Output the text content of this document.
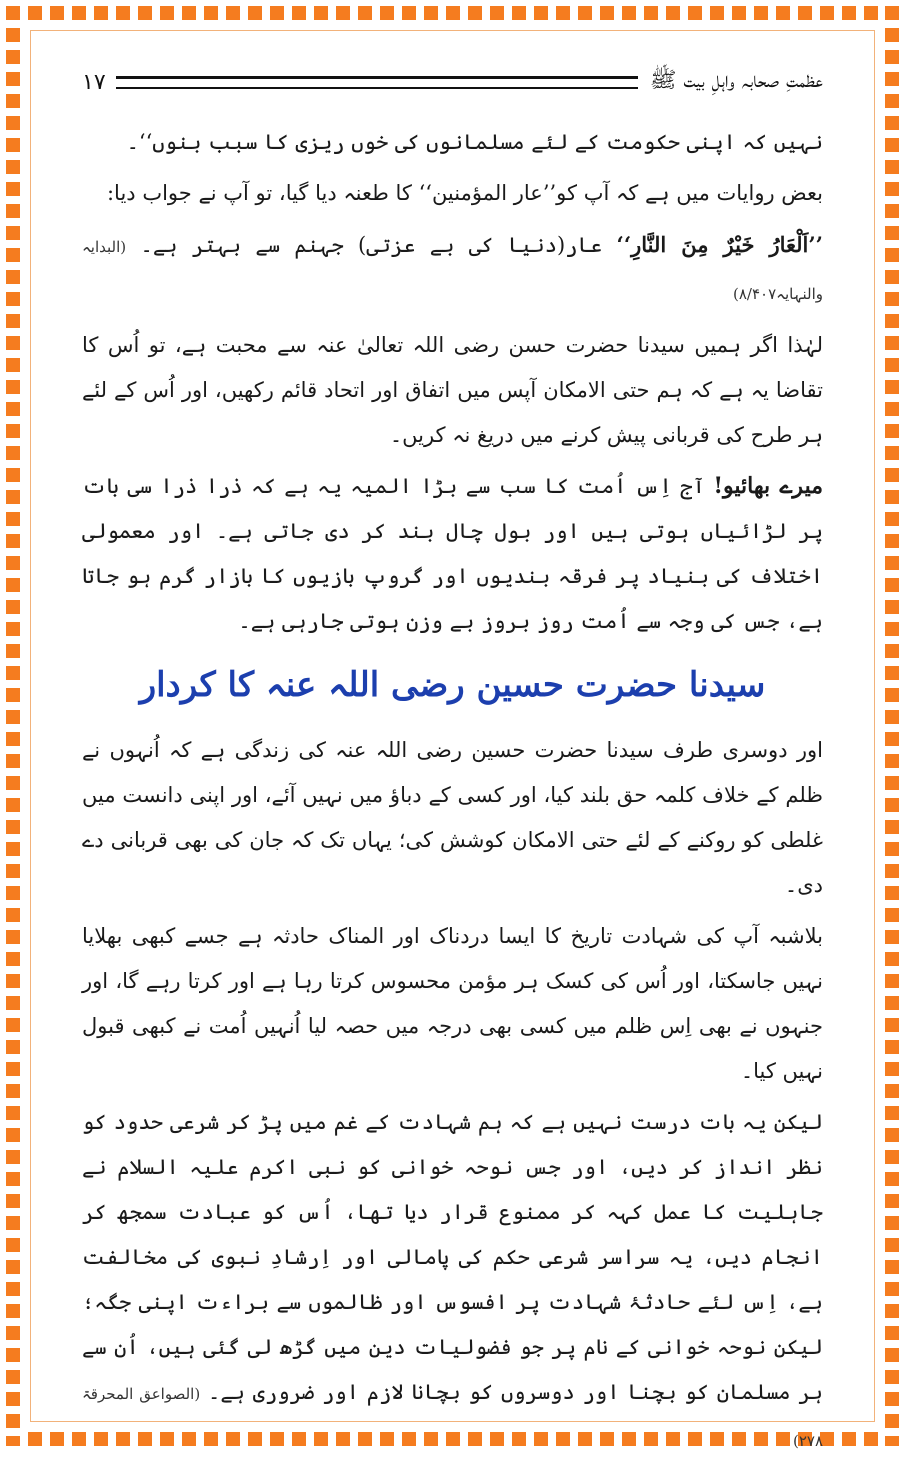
عظمتِ صحابہ واہلِ بیت ﷺ
۱۷

نہیں کہ اپنی حکومت کے لئے مسلمانوں کی خوں ریزی کا سبب بنوں‘‘۔

بعض روایات میں ہے کہ آپ کو’’عار المؤمنین‘‘ کا طعنہ دیا گیا، تو آپ نے جواب دیا:

’’اَلْعَارُ خَیْرٌ مِنَ النَّارِ‘‘ عار(دنیا کی بے عزتی) جہنم سے بہتر ہے۔ (البدایہ والنہایہ۸/۴۰۷)

لہٰذا اگر ہمیں سیدنا حضرت حسن رضی اللہ تعالیٰ عنہ سے محبت ہے، تو اُس کا تقاضا یہ ہے کہ ہم حتی الامکان آپس میں اتفاق اور اتحاد قائم رکھیں، اور اُس کے لئے ہر طرح کی قربانی پیش کرنے میں دریغ نہ کریں۔

میرے بھائیو! آج اِس اُمت کا سب سے بڑا المیہ یہ ہے کہ ذرا ذرا سی بات پر لڑائیاں ہوتی ہیں اور بول چال بند کر دی جاتی ہے۔ اور معمولی اختلاف کی بنیاد پر فرقہ بندیوں اور گروپ بازیوں کا بازار گرم ہو جاتا ہے، جس کی وجہ سے اُمت روز بروز بے وزن ہوتی جارہی ہے۔

سیدنا حضرت حسین رضی اللہ عنہ کا کردار

اور دوسری طرف سیدنا حضرت حسین رضی اللہ عنہ کی زندگی ہے کہ اُنہوں نے ظلم کے خلاف کلمہ حق بلند کیا، اور کسی کے دباؤ میں نہیں آئے، اور اپنی دانست میں غلطی کو روکنے کے لئے حتی الامکان کوشش کی؛ یہاں تک کہ جان کی بھی قربانی دے دی۔

بلاشبہ آپ کی شہادت تاریخ کا ایسا دردناک اور المناک حادثہ ہے جسے کبھی بھلایا نہیں جاسکتا، اور اُس کی کسک ہر مؤمن محسوس کرتا رہا ہے اور کرتا رہے گا، اور جنہوں نے بھی اِس ظلم میں کسی بھی درجہ میں حصہ لیا اُنہیں اُمت نے کبھی قبول نہیں کیا۔

لیکن یہ بات درست نہیں ہے کہ ہم شہادت کے غم میں پڑ کر شرعی حدود کو نظر انداز کر دیں، اور جس نوحہ خوانی کو نبی اکرم علیہ السلام نے جاہلیت کا عمل کہہ کر ممنوع قرار دیا تھا، اُس کو عبادت سمجھ کر انجام دیں، یہ سراسر شرعی حکم کی پامالی اور اِرشادِ نبوی کی مخالفت ہے، اِس لئے حادثۂ شہادت پر افسوس اور ظالموں سے براءت اپنی جگہ؛ لیکن نوحہ خوانی کے نام پر جو فضولیات دین میں گڑھ لی گئی ہیں، اُن سے ہر مسلمان کو بچنا اور دوسروں کو بچانا لازم اور ضروری ہے۔ (الصواعق المحرقۃ ۲۷۸)
